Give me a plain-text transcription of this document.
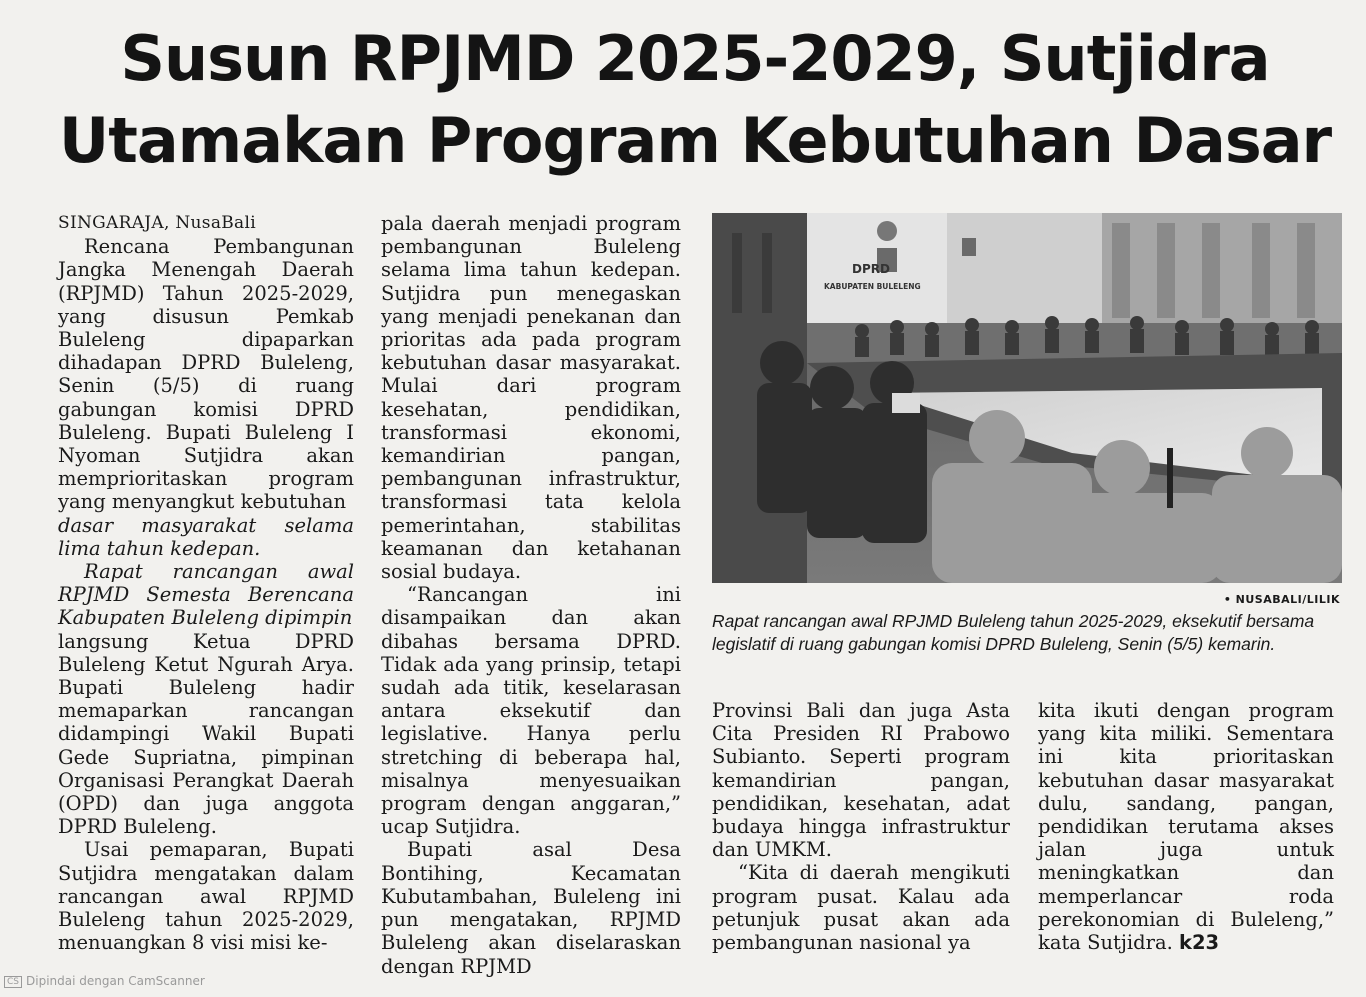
Susun RPJMD 2025-2029, Sutjidra
Utamakan Program Kebutuhan Dasar

SINGARAJA, NusaBali

Rencana Pembangunan Jangka Menengah Daerah (RPJMD) Tahun 2025-2029, yang disusun Pemkab Buleleng dipaparkan dihadapan DPRD Buleleng, Senin (5/5) di ruang gabungan komisi DPRD Buleleng. Bupati Buleleng I Nyoman Sutjidra akan memprioritaskan program yang menyangkut kebutuhan

dasar masyarakat selama lima tahun kedepan.

Rapat rancangan awal RPJMD Semesta Berencana Kabupaten Buleleng dipimpin

langsung Ketua DPRD Buleleng Ketut Ngurah Arya. Bupati Buleleng hadir memaparkan rancangan didampingi Wakil Bupati Gede Supriatna, pimpinan Organisasi Perangkat Daerah (OPD) dan juga anggota DPRD Buleleng.

Usai pemaparan, Bupati Sutjidra mengatakan dalam rancangan awal RPJMD Buleleng tahun 2025-2029, menuangkan 8 visi misi ke-

pala daerah menjadi program pembangunan Buleleng selama lima tahun kedepan. Sutjidra pun menegaskan yang menjadi penekanan dan prioritas ada pada program kebutuhan dasar masyarakat. Mulai dari program kesehatan, pendidikan, transformasi ekonomi, kemandirian pangan, pembangunan infrastruktur, transformasi tata kelola pemerintahan, stabilitas keamanan dan ketahanan sosial budaya.

“Rancangan ini disampaikan dan akan dibahas bersama DPRD. Tidak ada yang prinsip, tetapi sudah ada titik, keselarasan antara eksekutif dan legislative. Hanya perlu stretching di beberapa hal, misalnya menyesuaikan program dengan anggaran,” ucap Sutjidra.

Bupati asal Desa Bontihing, Kecamatan Kubutambahan, Buleleng ini pun mengatakan, RPJMD Buleleng akan diselaraskan dengan RPJMD

DPRD
KABUPATEN BULELENG
• NUSABALI/LILIK
Rapat rancangan awal RPJMD Buleleng tahun 2025-2029, eksekutif bersama legislatif di ruang gabungan komisi DPRD Buleleng, Senin (5/5) kemarin.

Provinsi Bali dan juga Asta Cita Presiden RI Prabowo Subianto. Seperti program kemandirian pangan, pendidikan, kesehatan, adat budaya hingga infrastruktur dan UMKM.

“Kita di daerah mengikuti program pusat. Kalau ada petunjuk pusat akan ada pembangunan nasional ya

kita ikuti dengan program yang kita miliki. Sementara ini kita prioritaskan kebutuhan dasar masyarakat dulu, sandang, pangan, pendidikan terutama akses jalan juga untuk meningkatkan dan memperlancar roda perekonomian di Buleleng,” kata Sutjidra. k23

CS Dipindai dengan CamScanner
